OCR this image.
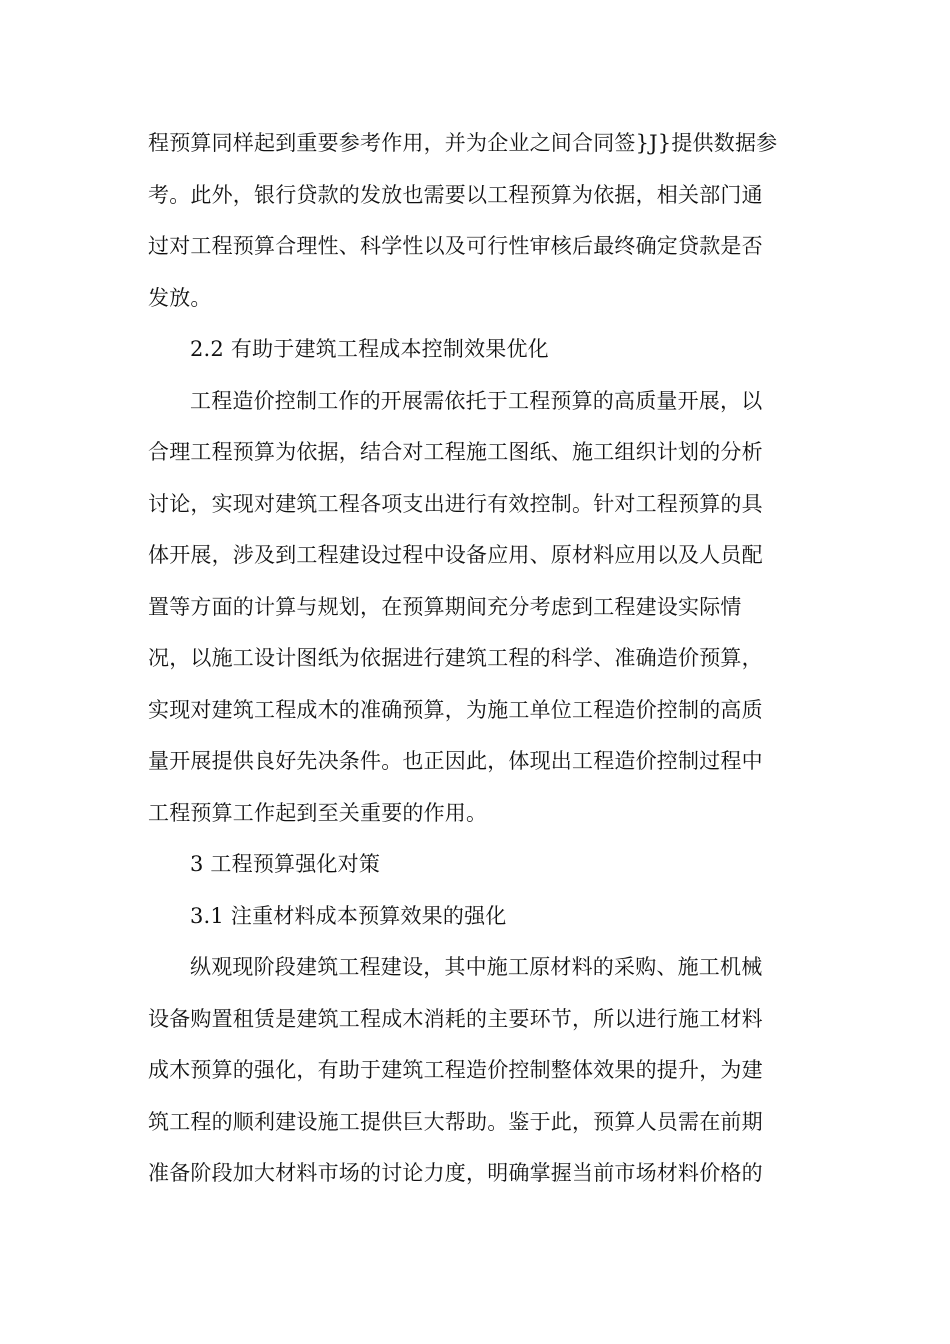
程预算同样起到重要参考作用，并为企业之间合同签}J}提供数据参
考。此外，银行贷款的发放也需要以工程预算为依据，相关部门通
过对工程预算合理性、科学性以及可行性审核后最终确定贷款是否
发放。
2.2 有助于建筑工程成本控制效果优化
工程造价控制工作的开展需依托于工程预算的高质量开展，以
合理工程预算为依据，结合对工程施工图纸、施工组织计划的分析
讨论，实现对建筑工程各项支出进行有效控制。针对工程预算的具
体开展，涉及到工程建设过程中设备应用、原材料应用以及人员配
置等方面的计算与规划，在预算期间充分考虑到工程建设实际情
况，以施工设计图纸为依据进行建筑工程的科学、准确造价预算，
实现对建筑工程成木的准确预算，为施工单位工程造价控制的高质
量开展提供良好先决条件。也正因此，体现出工程造价控制过程中
工程预算工作起到至关重要的作用。
3 工程预算强化对策
3.1 注重材料成本预算效果的强化
纵观现阶段建筑工程建设，其中施工原材料的采购、施工机械
设备购置租赁是建筑工程成木消耗的主要环节，所以进行施工材料
成木预算的强化，有助于建筑工程造价控制整体效果的提升，为建
筑工程的顺利建设施工提供巨大帮助。鉴于此，预算人员需在前期
准备阶段加大材料市场的讨论力度，明确掌握当前市场材料价格的
